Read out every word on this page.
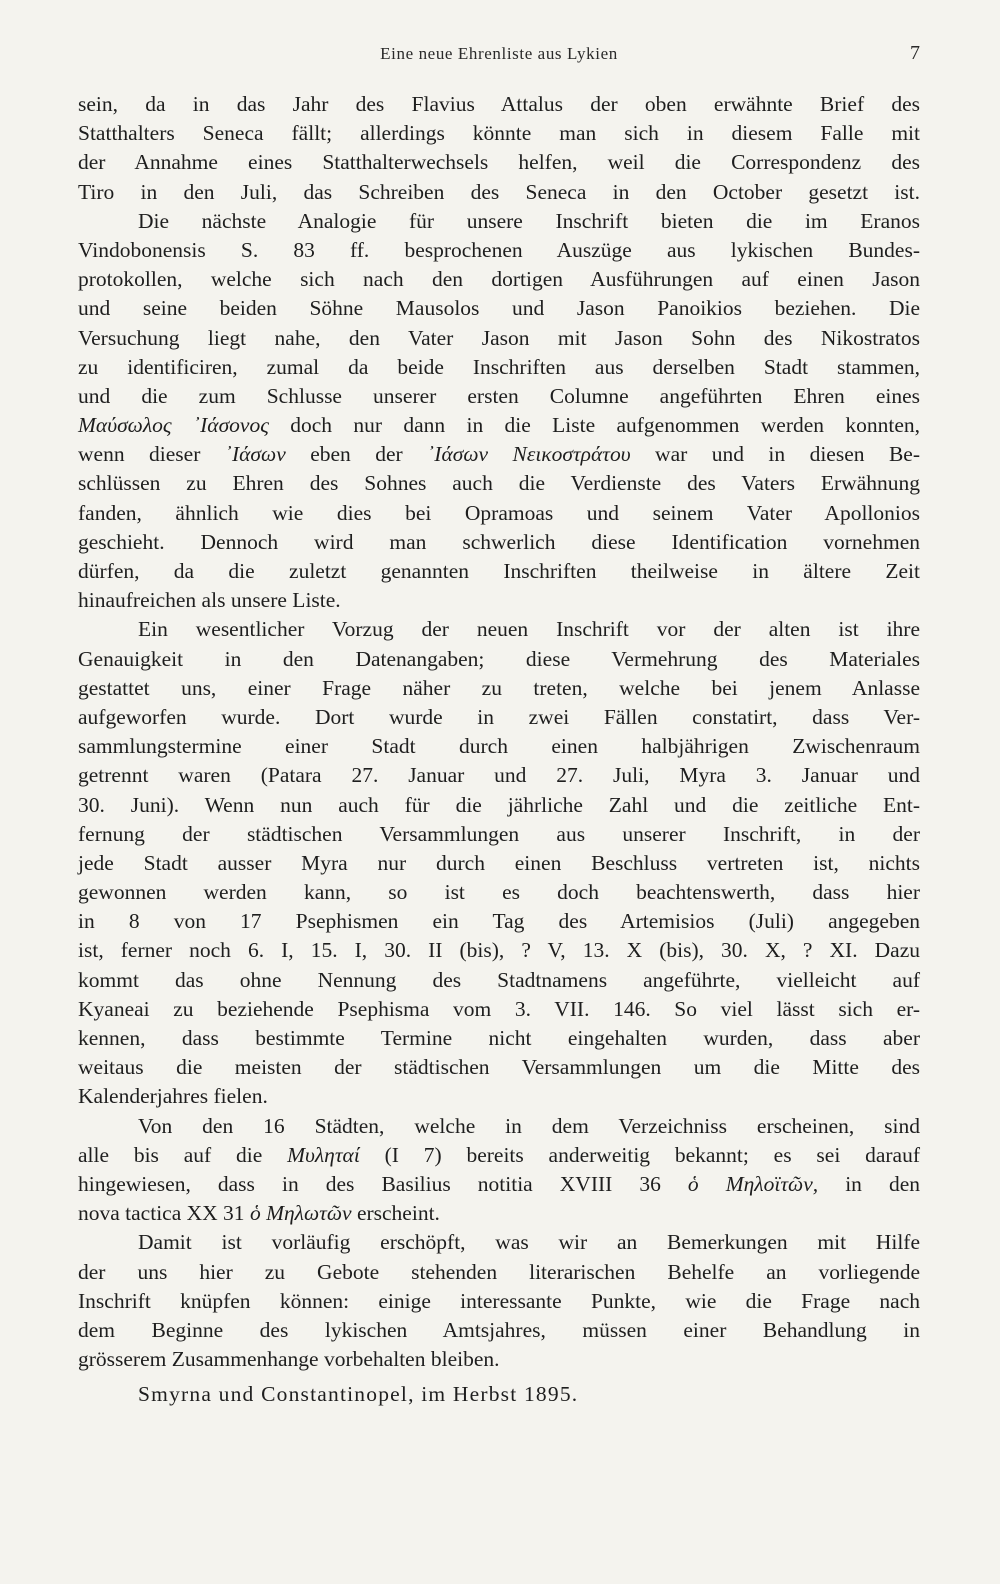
Eine neue Ehrenliste aus Lykien	7
sein, da in das Jahr des Flavius Attalus der oben erwähnte Brief des
Statthalters Seneca fällt; allerdings könnte man sich in diesem Falle mit
der Annahme eines Statthalterwechsels helfen, weil die Correspondenz des
Tiro in den Juli, das Schreiben des Seneca in den October gesetzt ist.
Die nächste Analogie für unsere Inschrift bieten die im Eranos
Vindobonensis S. 83 ff. besprochenen Auszüge aus lykischen Bundes-
protokollen, welche sich nach den dortigen Ausführungen auf einen Jason
und seine beiden Söhne Mausolos und Jason Panoikios beziehen. Die
Versuchung liegt nahe, den Vater Jason mit Jason Sohn des Nikostratos
zu identificiren, zumal da beide Inschriften aus derselben Stadt stammen,
und die zum Schlusse unserer ersten Columne angeführten Ehren eines
Μαύσωλος ᾿Ιάσονος doch nur dann in die Liste aufgenommen werden konnten,
wenn dieser ᾿Ιάσων eben der ᾿Ιάσων Νεικοστράτου war und in diesen Be-
schlüssen zu Ehren des Sohnes auch die Verdienste des Vaters Erwähnung
fanden, ähnlich wie dies bei Opramoas und seinem Vater Apollonios
geschieht. Dennoch wird man schwerlich diese Identification vornehmen
dürfen, da die zuletzt genannten Inschriften theilweise in ältere Zeit
hinaufreichen als unsere Liste.
Ein wesentlicher Vorzug der neuen Inschrift vor der alten ist ihre
Genauigkeit in den Datenangaben; diese Vermehrung des Materiales
gestattet uns, einer Frage näher zu treten, welche bei jenem Anlasse
aufgeworfen wurde. Dort wurde in zwei Fällen constatirt, dass Ver-
sammlungstermine einer Stadt durch einen halbjährigen Zwischenraum
getrennt waren (Patara 27. Januar und 27. Juli, Myra 3. Januar und
30. Juni). Wenn nun auch für die jährliche Zahl und die zeitliche Ent-
fernung der städtischen Versammlungen aus unserer Inschrift, in der
jede Stadt ausser Myra nur durch einen Beschluss vertreten ist, nichts
gewonnen werden kann, so ist es doch beachtenswerth, dass hier
in 8 von 17 Psephismen ein Tag des Artemisios (Juli) angegeben
ist, ferner noch 6. I, 15. I, 30. II (bis), ? V, 13. X (bis), 30. X, ? XI. Dazu
kommt das ohne Nennung des Stadtnamens angeführte, vielleicht auf
Kyaneai zu beziehende Psephisma vom 3. VII. 146. So viel lässt sich er-
kennen, dass bestimmte Termine nicht eingehalten wurden, dass aber
weitaus die meisten der städtischen Versammlungen um die Mitte des
Kalenderjahres fielen.
Von den 16 Städten, welche in dem Verzeichniss erscheinen, sind
alle bis auf die Μυληταί (I 7) bereits anderweitig bekannt; es sei darauf
hingewiesen, dass in des Basilius notitia XVIII 36 ὁ Μηλοϊτῶν, in den
nova tactica XX 31 ὁ Μηλωτῶν erscheint.
Damit ist vorläufig erschöpft, was wir an Bemerkungen mit Hilfe
der uns hier zu Gebote stehenden literarischen Behelfe an vorliegende
Inschrift knüpfen können: einige interessante Punkte, wie die Frage nach
dem Beginne des lykischen Amtsjahres, müssen einer Behandlung in
grösserem Zusammenhange vorbehalten bleiben.
Smyrna und Constantinopel, im Herbst 1895.
